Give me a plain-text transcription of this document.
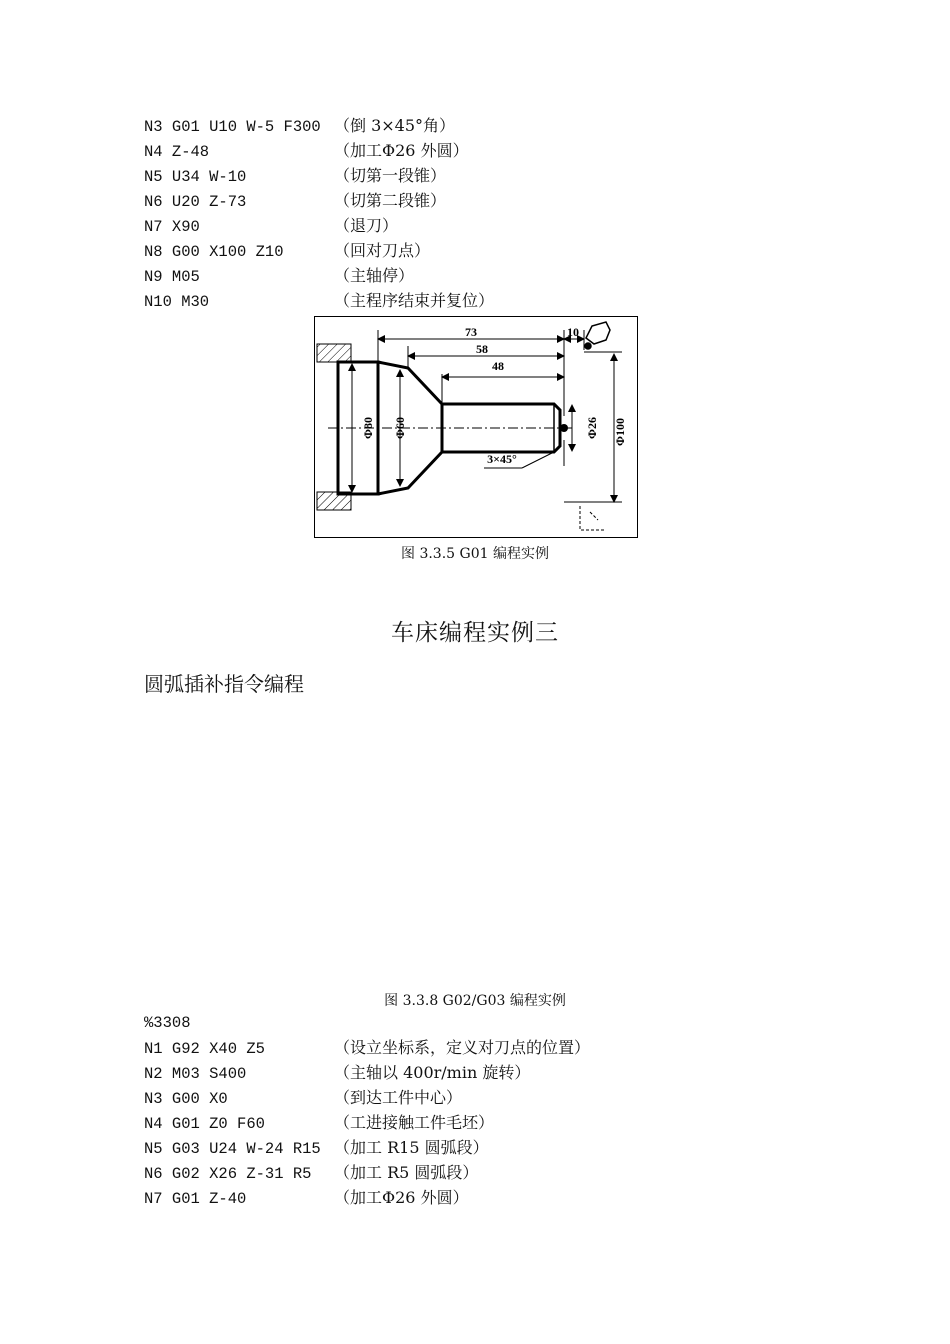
N3 G01 U10 W-5 F300 （倒 3×45°角）
N4 Z-48	（加工Φ26 外圆）
N5 U34 W-10	（切第一段锥）
N6 U20 Z-73	（切第二段锥）
N7 X90	（退刀）
N8 G00 X100 Z10	（回对刀点）
N9 M05	（主轴停）
N10 M30	（主程序结束并复位）
73
58
48
10
Φ80 Φ60	Φ26 Φ100
3×45°
图 3.3.5 G01 编程实例
车床编程实例三
圆弧插补指令编程
图 3.3.8 G02/G03 编程实例
%3308
N1 G92 X40 Z5	（设立坐标系，定义对刀点的位置）
N2 M03 S400	（主轴以 400r/min 旋转）
N3 G00 X0	（到达工件中心）
N4 G01 Z0 F60	（工进接触工件毛坯）
N5 G03 U24 W-24 R15 （加工 R15 圆弧段）
N6 G02 X26 Z-31 R5 （加工 R5 圆弧段）
N7 G01 Z-40	（加工Φ26 外圆）
